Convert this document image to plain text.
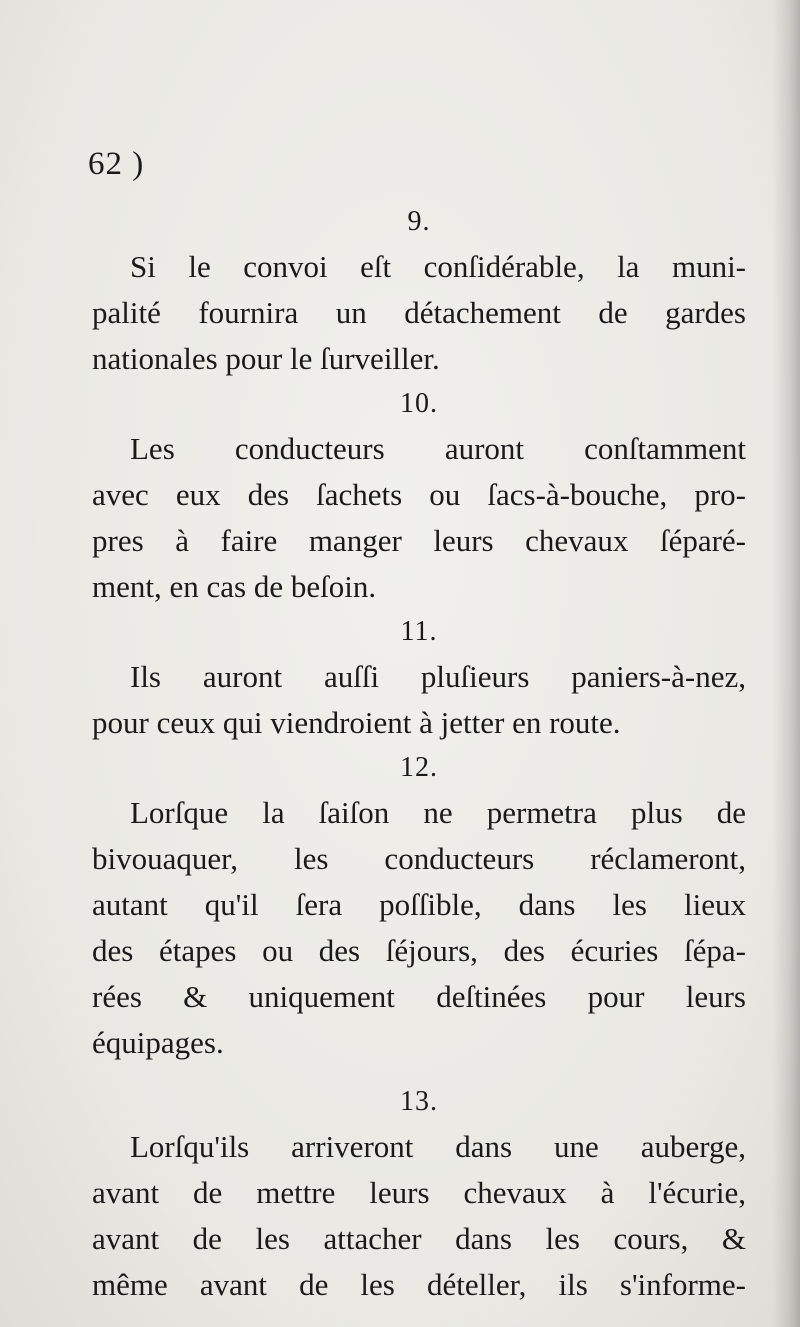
62 )
9.
Si le convoi eſt conſidérable, la muni-
palité fournira un détachement de gardes
nationales pour le ſurveiller.
10.
Les conducteurs auront conſtamment
avec eux des ſachets ou ſacs-à-bouche, pro-
pres à faire manger leurs chevaux ſéparé-
ment, en cas de beſoin.
11.
Ils auront auſſi pluſieurs paniers-à-nez,
pour ceux qui viendroient à jetter en route.
12.
Lorſque la ſaiſon ne permetra plus de
bivouaquer, les conducteurs réclameront,
autant qu'il ſera poſſible, dans les lieux
des étapes ou des ſéjours, des écuries ſépa-
rées & uniquement deſtinées pour leurs
équipages.
13.
Lorſqu'ils arriveront dans une auberge,
avant de mettre leurs chevaux à l'écurie,
avant de les attacher dans les cours, &
même avant de les dételler, ils s'informe-
